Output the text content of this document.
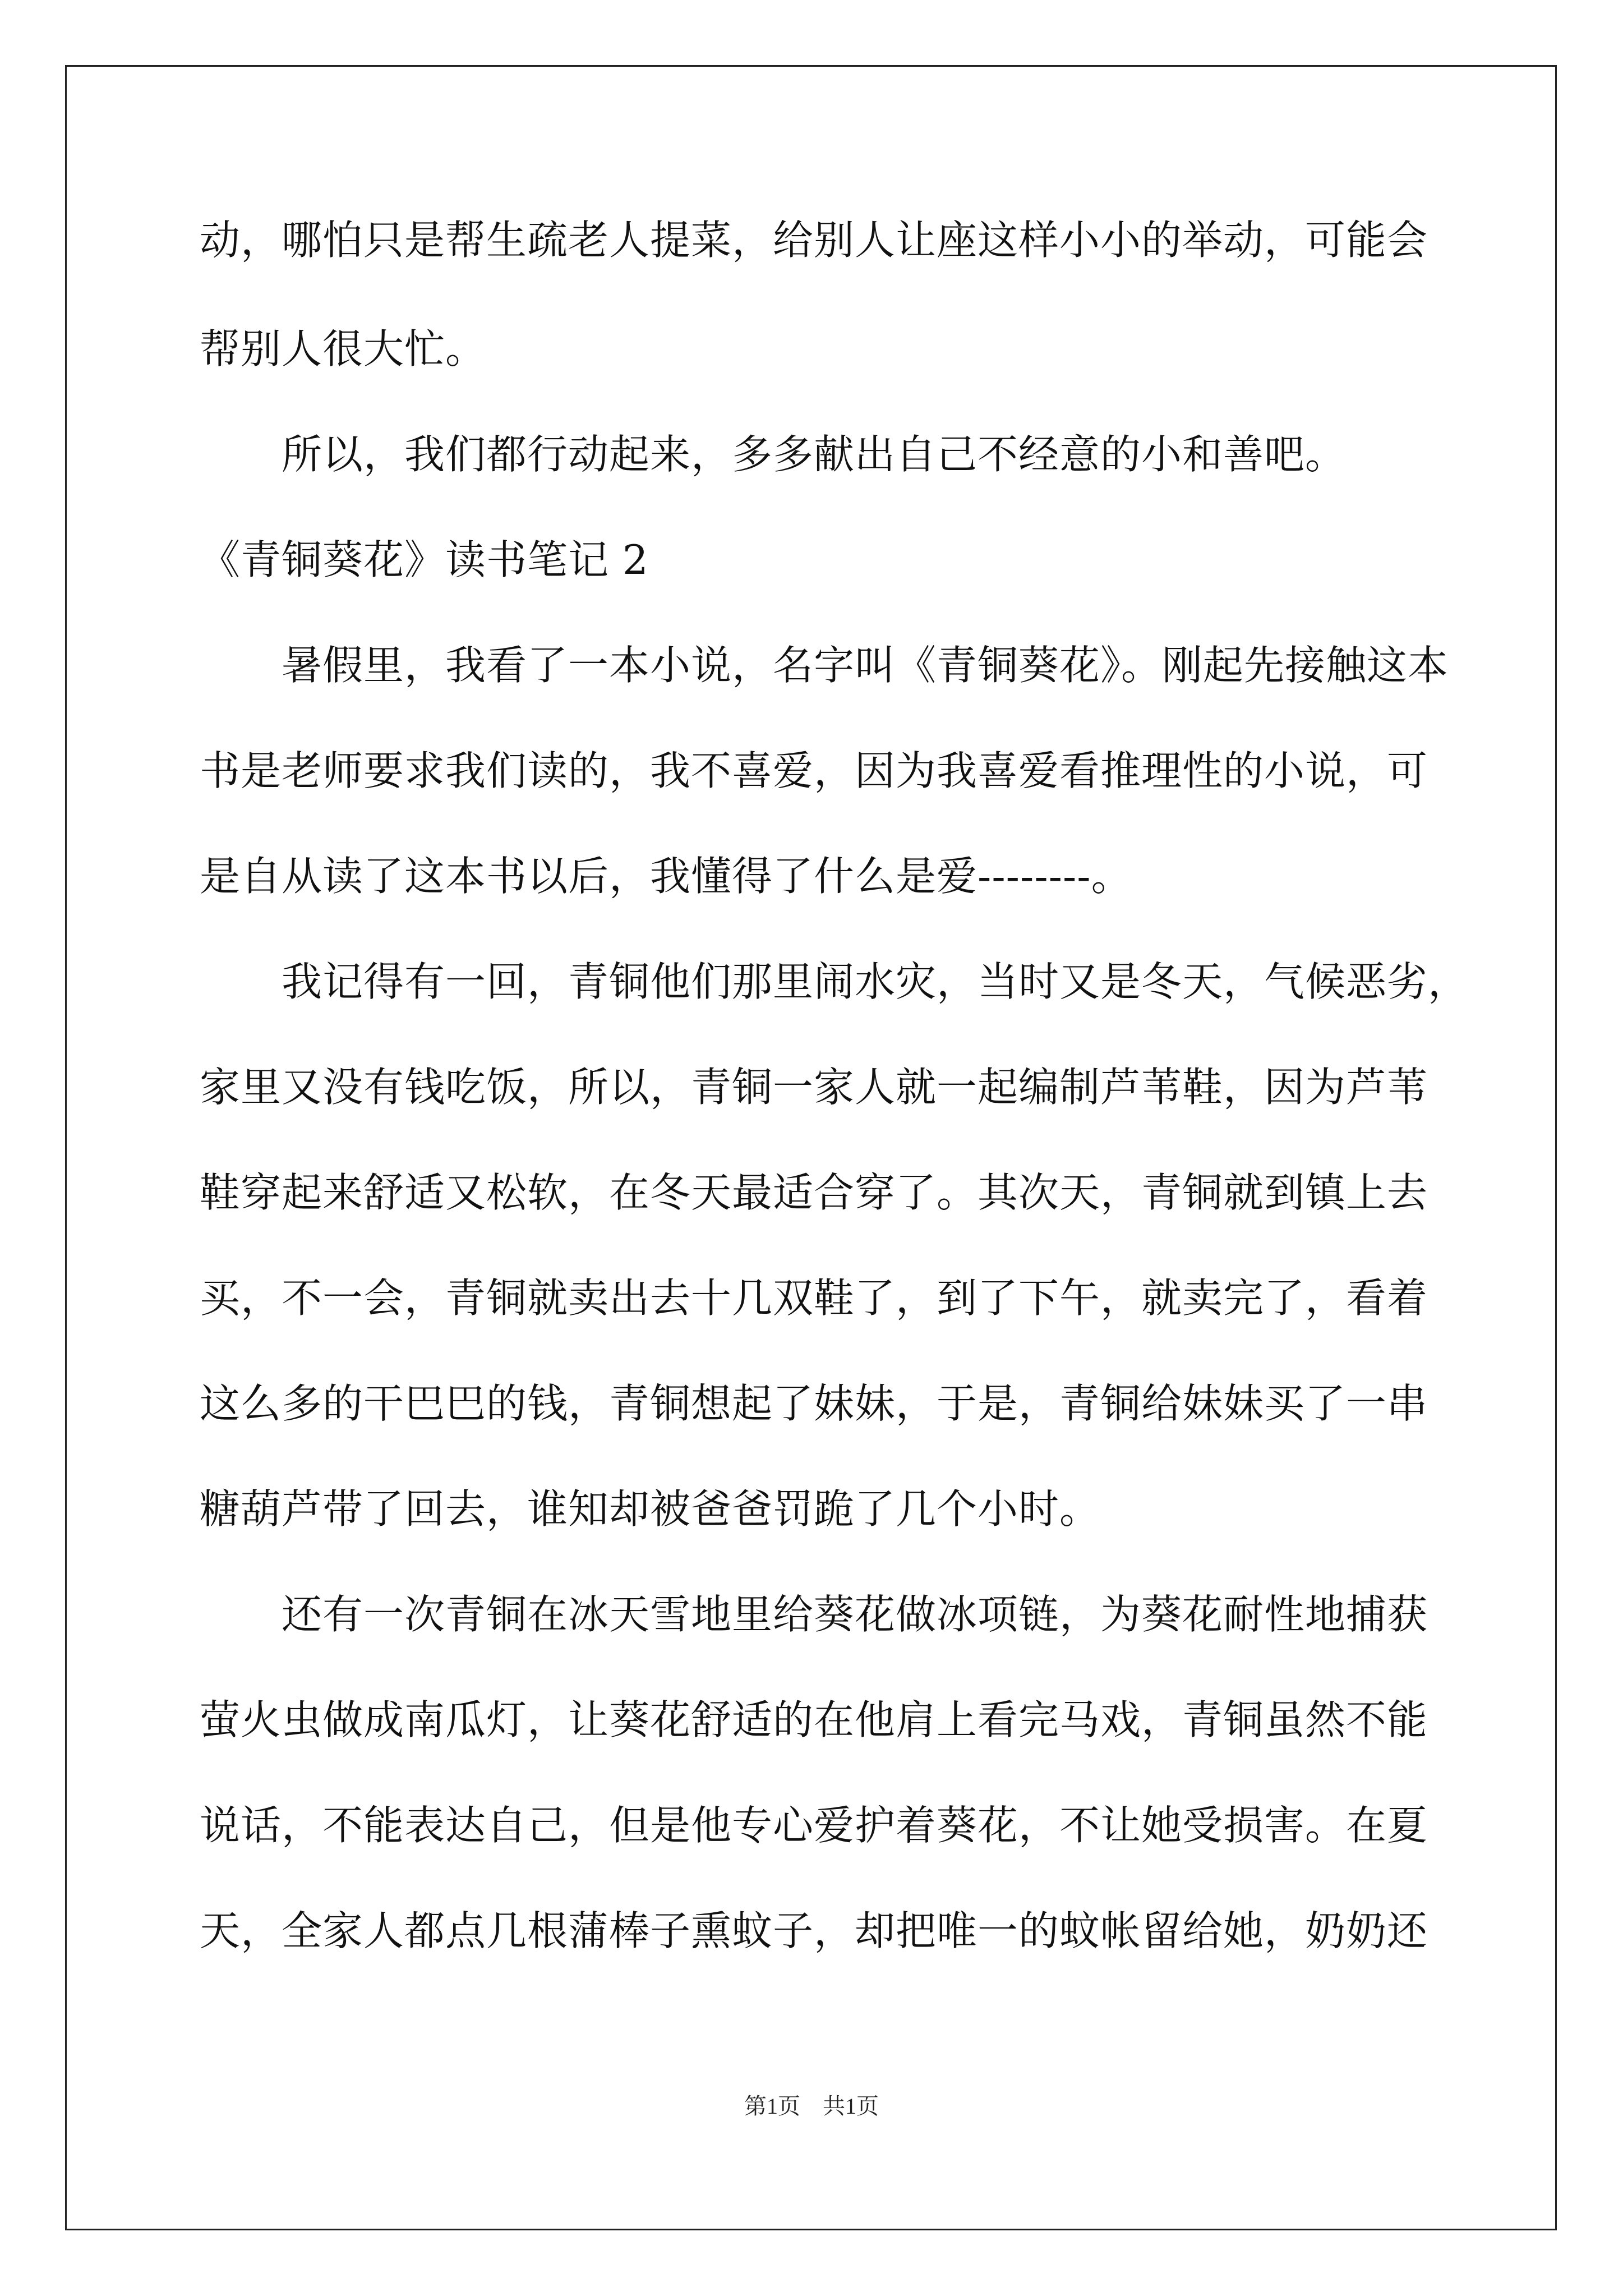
动，哪怕只是帮生疏老人提菜，给别人让座这样小小的举动，可能会
帮别人很大忙。
　　所以，我们都行动起来，多多献出自己不经意的小和善吧。
《青铜葵花》读书笔记 2
　　暑假里，我看了一本小说，名字叫《青铜葵花》。刚起先接触这本
书是老师要求我们读的，我不喜爱，因为我喜爱看推理性的小说，可
是自从读了这本书以后，我懂得了什么是爱--------。
　　我记得有一回，青铜他们那里闹水灾，当时又是冬天，气候恶劣，
家里又没有钱吃饭，所以，青铜一家人就一起编制芦苇鞋，因为芦苇
鞋穿起来舒适又松软，在冬天最适合穿了。其次天，青铜就到镇上去
买，不一会，青铜就卖出去十几双鞋了，到了下午，就卖完了，看着
这么多的干巴巴的钱，青铜想起了妹妹，于是，青铜给妹妹买了一串
糖葫芦带了回去，谁知却被爸爸罚跪了几个小时。
　　还有一次青铜在冰天雪地里给葵花做冰项链，为葵花耐性地捕获
萤火虫做成南瓜灯，让葵花舒适的在他肩上看完马戏，青铜虽然不能
说话，不能表达自己，但是他专心爱护着葵花，不让她受损害。在夏
天，全家人都点几根蒲棒子熏蚊子，却把唯一的蚊帐留给她，奶奶还
第1页　共1页
